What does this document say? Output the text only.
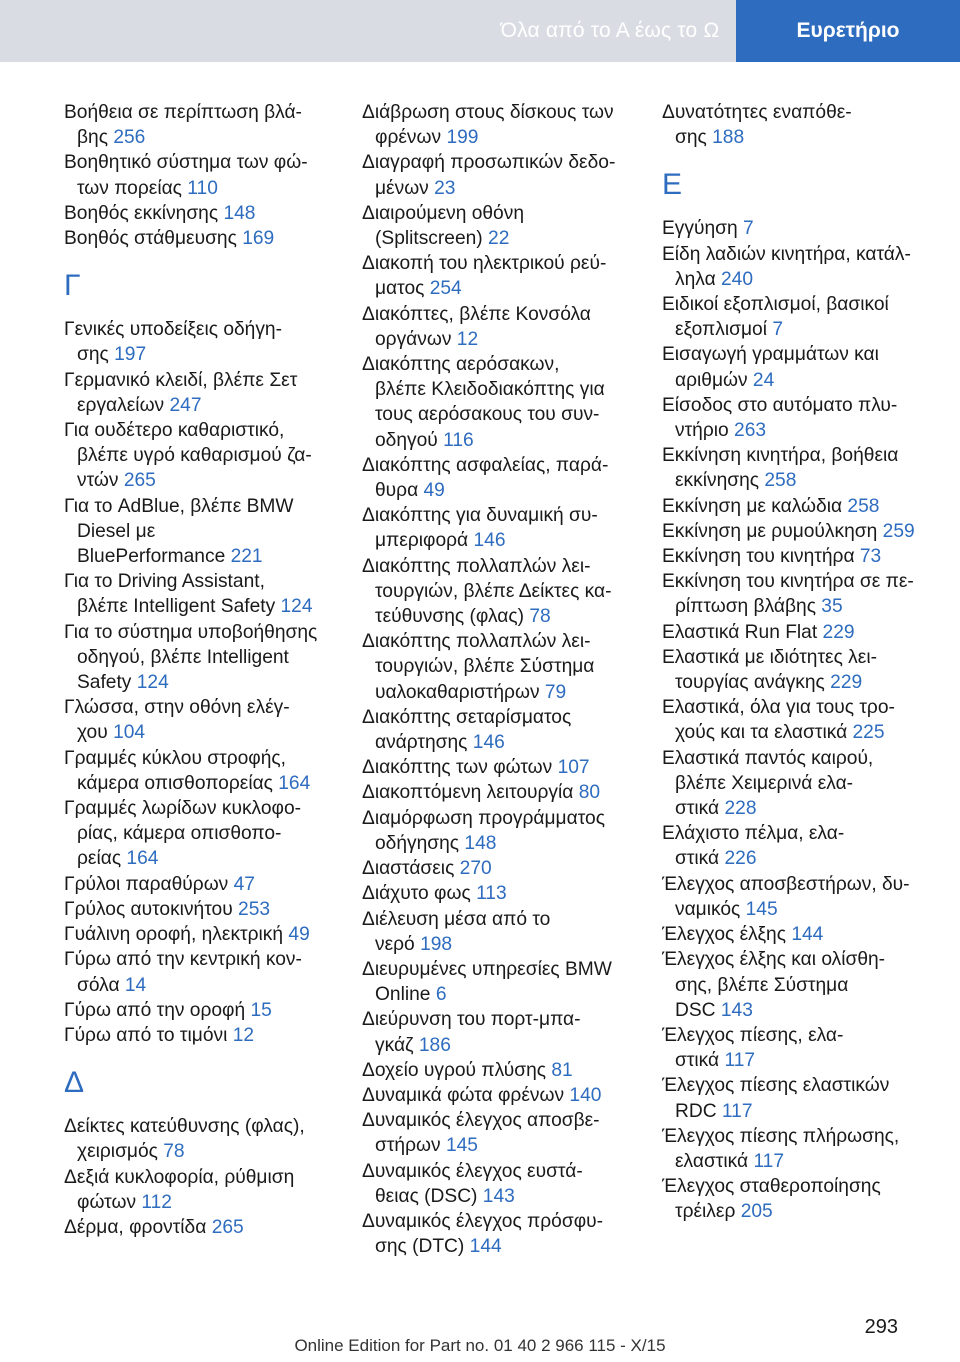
Όλα από το Α έως το Ω	Ευρετήριο
Βοήθεια σε περίπτωση βλά-
βης 256
Βοηθητικό σύστημα των φώ-
των πορείας 110
Βοηθός εκκίνησης 148
Βοηθός στάθμευσης 169
Γ
Γενικές υποδείξεις οδήγη-
σης 197
Γερμανικό κλειδί, βλέπε Σετ
εργαλείων 247
Για ουδέτερο καθαριστικό,
βλέπε υγρό καθαρισμού ζα-
ντών 265
Για το AdBlue, βλέπε BMW
Diesel με
BluePerformance 221
Για το Driving Assistant,
βλέπε Intelligent Safety 124
Για το σύστημα υποβοήθησης
οδηγού, βλέπε Intelligent
Safety 124
Γλώσσα, στην οθόνη ελέγ-
χου 104
Γραμμές κύκλου στροφής,
κάμερα οπισθοπορείας 164
Γραμμές λωρίδων κυκλοφο-
ρίας, κάμερα οπισθοπο-
ρείας 164
Γρύλοι παραθύρων 47
Γρύλος αυτοκινήτου 253
Γυάλινη οροφή, ηλεκτρική 49
Γύρω από την κεντρική κον-
σόλα 14
Γύρω από την οροφή 15
Γύρω από το τιμόνι 12
Δ
Δείκτες κατεύθυνσης (φλας),
χειρισμός 78
Δεξιά κυκλοφορία, ρύθμιση
φώτων 112
Δέρμα, φροντίδα 265
Διάβρωση στους δίσκους των
φρένων 199
Διαγραφή προσωπικών δεδο-
μένων 23
Διαιρούμενη οθόνη
(Splitscreen) 22
Διακοπή του ηλεκτρικού ρεύ-
ματος 254
Διακόπτες, βλέπε Κονσόλα
οργάνων 12
Διακόπτης αερόσακων,
βλέπε Κλειδοδιακόπτης για
τους αερόσακους του συν-
οδηγού 116
Διακόπτης ασφαλείας, παρά-
θυρα 49
Διακόπτης για δυναμική συ-
μπεριφορά 146
Διακόπτης πολλαπλών λει-
τουργιών, βλέπε Δείκτες κα-
τεύθυνσης (φλας) 78
Διακόπτης πολλαπλών λει-
τουργιών, βλέπε Σύστημα
υαλοκαθαριστήρων 79
Διακόπτης σεταρίσματος
ανάρτησης 146
Διακόπτης των φώτων 107
Διακοπτόμενη λειτουργία 80
Διαμόρφωση προγράμματος
οδήγησης 148
Διαστάσεις 270
Διάχυτο φως 113
Διέλευση μέσα από το
νερό 198
Διευρυμένες υπηρεσίες BMW
Online 6
Διεύρυνση του πορτ-μπα-
γκάζ 186
Δοχείο υγρού πλύσης 81
Δυναμικά φώτα φρένων 140
Δυναμικός έλεγχος αποσβε-
στήρων 145
Δυναμικός έλεγχος ευστά-
θειας (DSC) 143
Δυναμικός έλεγχος πρόσφυ-
σης (DTC) 144
Δυνατότητες εναπόθε-
σης 188
Ε
Εγγύηση 7
Είδη λαδιών κινητήρα, κατάλ-
ληλα 240
Ειδικοί εξοπλισμοί, βασικοί
εξοπλισμοί 7
Εισαγωγή γραμμάτων και
αριθμών 24
Είσοδος στο αυτόματο πλυ-
ντήριο 263
Εκκίνηση κινητήρα, βοήθεια
εκκίνησης 258
Εκκίνηση με καλώδια 258
Εκκίνηση με ρυμούλκηση 259
Εκκίνηση του κινητήρα 73
Εκκίνηση του κινητήρα σε πε-
ρίπτωση βλάβης 35
Ελαστικά Run Flat 229
Ελαστικά με ιδιότητες λει-
τουργίας ανάγκης 229
Ελαστικά, όλα για τους τρο-
χούς και τα ελαστικά 225
Ελαστικά παντός καιρού,
βλέπε Χειμερινά ελα-
στικά 228
Ελάχιστο πέλμα, ελα-
στικά 226
Έλεγχος αποσβεστήρων, δυ-
ναμικός 145
Έλεγχος έλξης 144
Έλεγχος έλξης και ολίσθη-
σης, βλέπε Σύστημα
DSC 143
Έλεγχος πίεσης, ελα-
στικά 117
Έλεγχος πίεσης ελαστικών
RDC 117
Έλεγχος πίεσης πλήρωσης,
ελαστικά 117
Έλεγχος σταθεροποίησης
τρέιλερ 205
293
Online Edition for Part no. 01 40 2 966 115 - X/15
